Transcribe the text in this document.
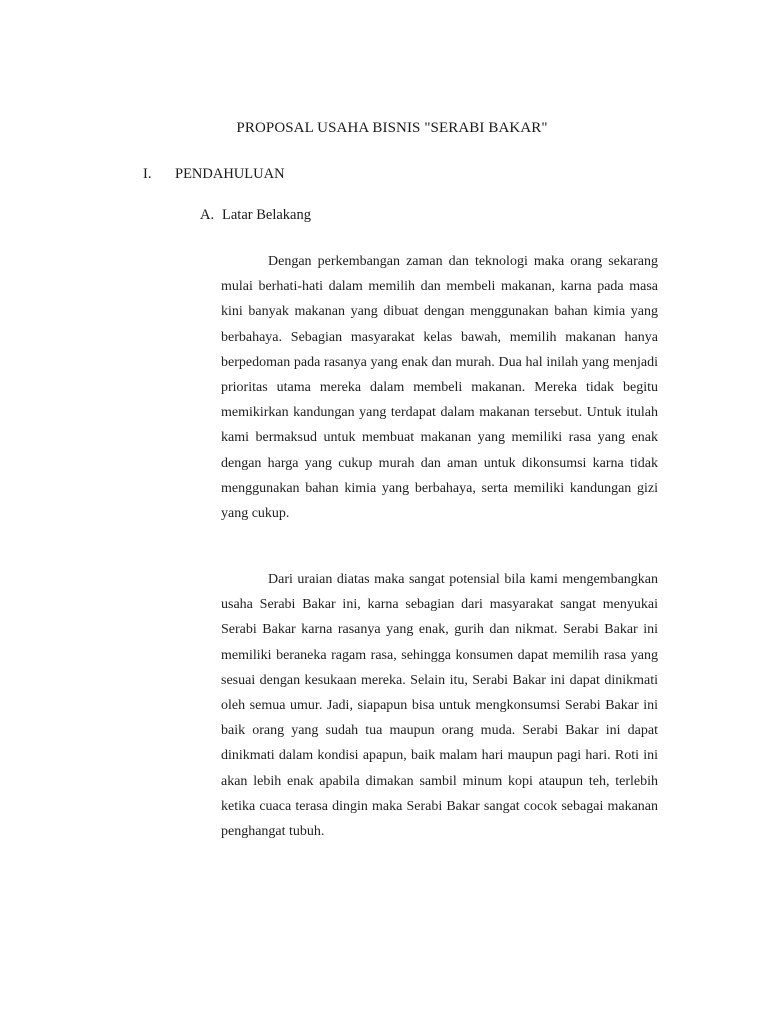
PROPOSAL USAHA BISNIS "SERABI BAKAR"
I. PENDAHULUAN
A. Latar Belakang

Dengan perkembangan zaman dan teknologi maka orang sekarang mulai berhati-hati dalam memilih dan membeli makanan, karna pada masa kini banyak makanan yang dibuat dengan menggunakan bahan kimia yang berbahaya. Sebagian masyarakat kelas bawah, memilih makanan hanya berpedoman pada rasanya yang enak dan murah. Dua hal inilah yang menjadi prioritas utama mereka dalam membeli makanan. Mereka tidak begitu memikirkan kandungan yang terdapat dalam makanan tersebut. Untuk itulah kami bermaksud untuk membuat makanan yang memiliki rasa yang enak dengan harga yang cukup murah dan aman untuk dikonsumsi karna tidak menggunakan bahan kimia yang berbahaya, serta memiliki kandungan gizi yang cukup.

Dari uraian diatas maka sangat potensial bila kami mengembangkan usaha Serabi Bakar ini, karna sebagian dari masyarakat sangat menyukai Serabi Bakar karna rasanya yang enak, gurih dan nikmat. Serabi Bakar ini memiliki beraneka ragam rasa, sehingga konsumen dapat memilih rasa yang sesuai dengan kesukaan mereka. Selain itu, Serabi Bakar ini dapat dinikmati oleh semua umur. Jadi, siapapun bisa untuk mengkonsumsi Serabi Bakar ini baik orang yang sudah tua maupun orang muda. Serabi Bakar ini dapat dinikmati dalam kondisi apapun, baik malam hari maupun pagi hari. Roti ini akan lebih enak apabila dimakan sambil minum kopi ataupun teh, terlebih ketika cuaca terasa dingin maka Serabi Bakar sangat cocok sebagai makanan penghangat tubuh.
